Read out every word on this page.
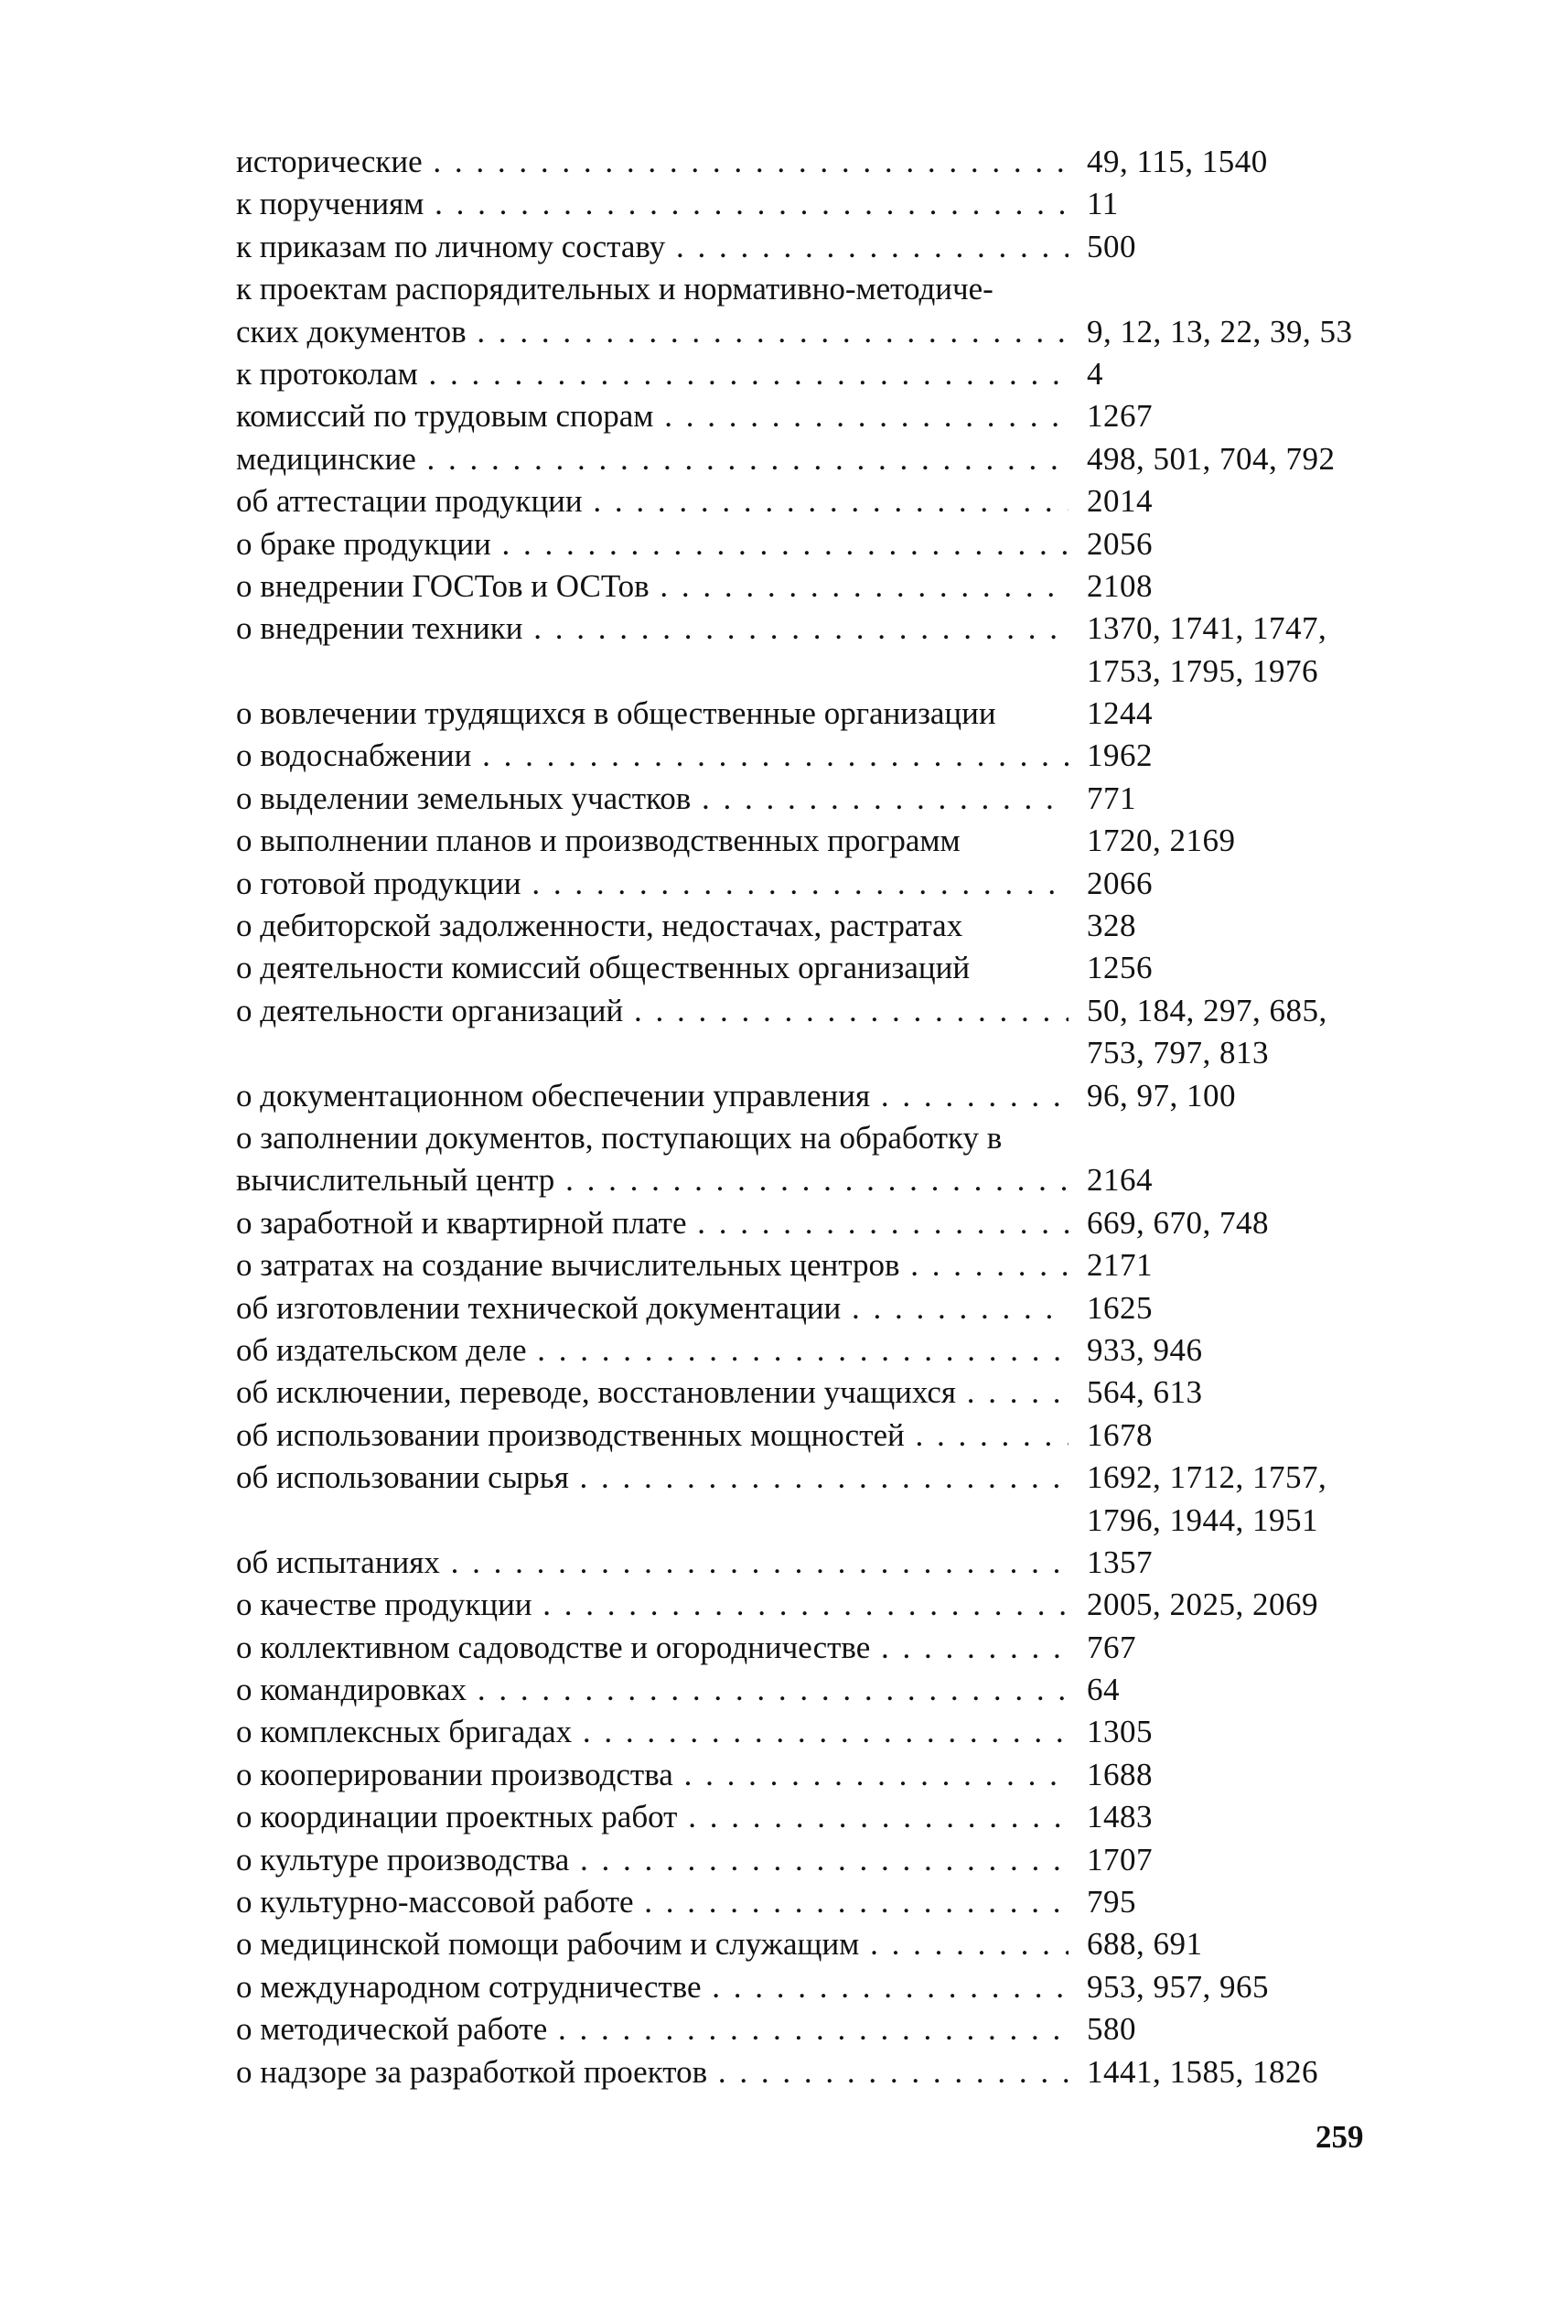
исторические . . .	49, 115, 1540
к поручениям . . .	11
к приказам по личному составу . . .	500
к проектам распорядительных и нормативно-методиче-
ских документов . . .	9, 12, 13, 22, 39, 53
к протоколам . . .	4
комиссий по трудовым спорам . . .	1267
медицинские . . .	498, 501, 704, 792
об аттестации продукции . . .	2014
о браке продукции . . .	2056
о внедрении ГОСТов и ОСТов . . .	2108
о внедрении техники . . .	1370, 1741, 1747,
1753, 1795, 1976
о вовлечении трудящихся в общественные организации	1244
о водоснабжении . . .	1962
о выделении земельных участков . . .	771
о выполнении планов и производственных программ	1720, 2169
о готовой продукции . . .	2066
о дебиторской задолженности, недостачах, растратах	328
о деятельности комиссий общественных организаций	1256
о деятельности организаций . . .	50, 184, 297, 685,
753, 797, 813
о документационном обеспечении управления . . .	96, 97, 100
о заполнении документов, поступающих на обработку в
вычислительный центр . . .	2164
о заработной и квартирной плате . . .	669, 670, 748
о затратах на создание вычислительных центров . . .	2171
об изготовлении технической документации . . .	1625
об издательском деле . . .	933, 946
об исключении, переводе, восстановлении учащихся . . .	564, 613
об использовании производственных мощностей . . .	1678
об использовании сырья . . .	1692, 1712, 1757,
1796, 1944, 1951
об испытаниях . . .	1357
о качестве продукции . . .	2005, 2025, 2069
о коллективном садоводстве и огородничестве . . .	767
о командировках . . .	64
о комплексных бригадах . . .	1305
о кооперировании производства . . .	1688
о координации проектных работ . . .	1483
о культуре производства . . .	1707
о культурно-массовой работе . . .	795
о медицинской помощи рабочим и служащим . . .	688, 691
о международном сотрудничестве . . .	953, 957, 965
о методической работе . . .	580
о надзоре за разработкой проектов . . .	1441, 1585, 1826
259
